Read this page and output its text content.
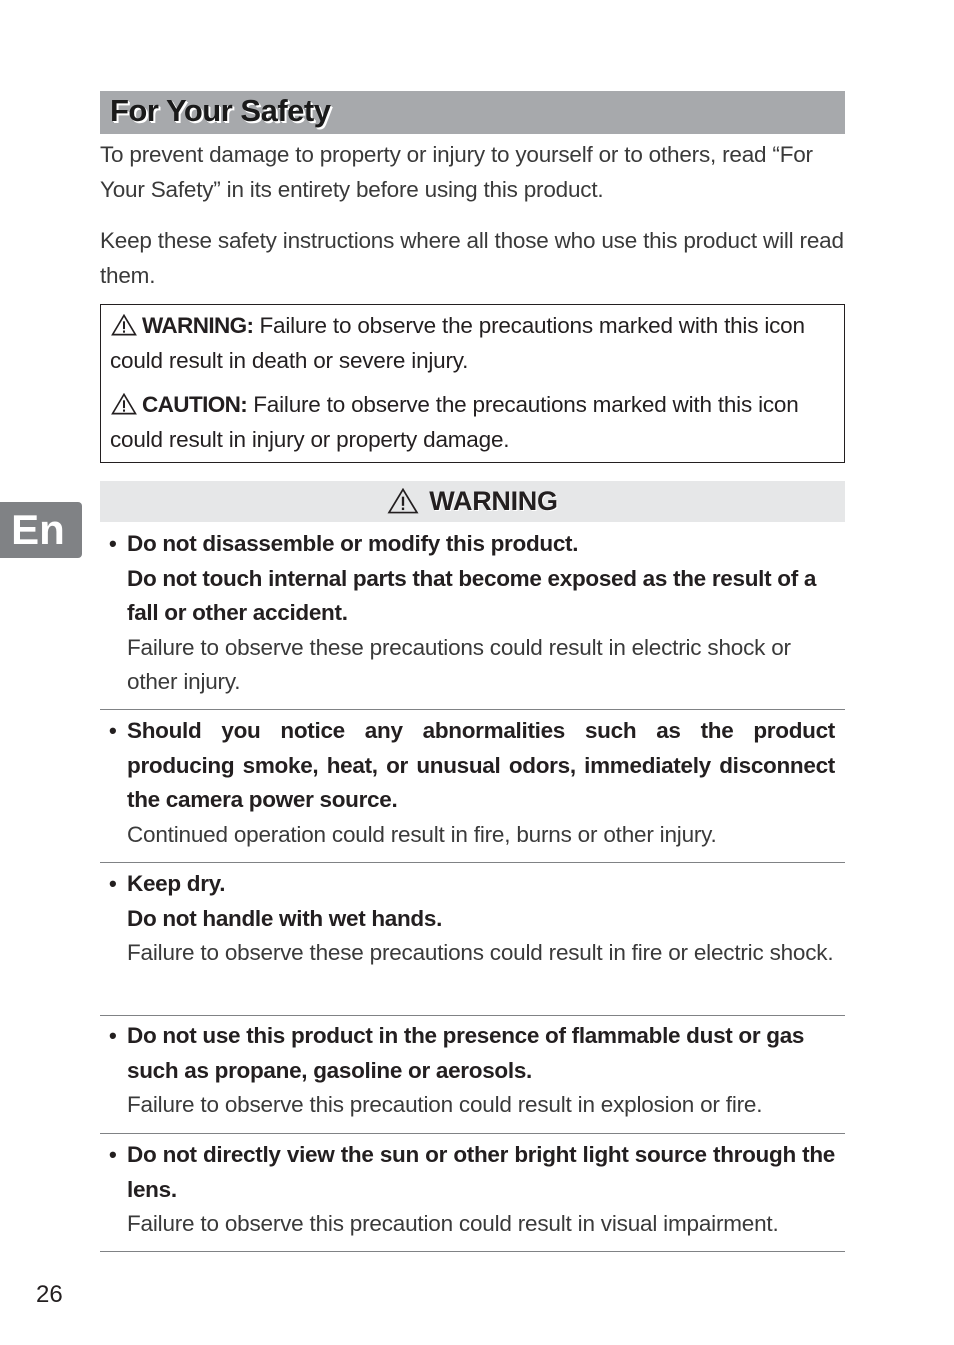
For Your Safety
To prevent damage to property or injury to yourself or to others, read “For Your Safety” in its entirety before using this product.
Keep these safety instructions where all those who use this product will read them.
WARNING: Failure to observe the precautions marked with this icon could result in death or severe injury.
CAUTION: Failure to observe the precautions marked with this icon could result in injury or property damage.
WARNING
En	• Do not disassemble or modify this product.
Do not touch internal parts that become exposed as the result of a fall or other accident.
Failure to observe these precautions could result in electric shock or other injury.
• Should you notice any abnormalities such as the product producing smoke, heat, or unusual odors, immediately disconnect the camera power source.
Continued operation could result in fire, burns or other injury.
• Keep dry.
Do not handle with wet hands.
Failure to observe these precautions could result in fire or electric shock.
• Do not use this product in the presence of flammable dust or gas such as propane, gasoline or aerosols.
Failure to observe this precaution could result in explosion or fire.
• Do not directly view the sun or other bright light source through the lens.
Failure to observe this precaution could result in visual impairment.
26
